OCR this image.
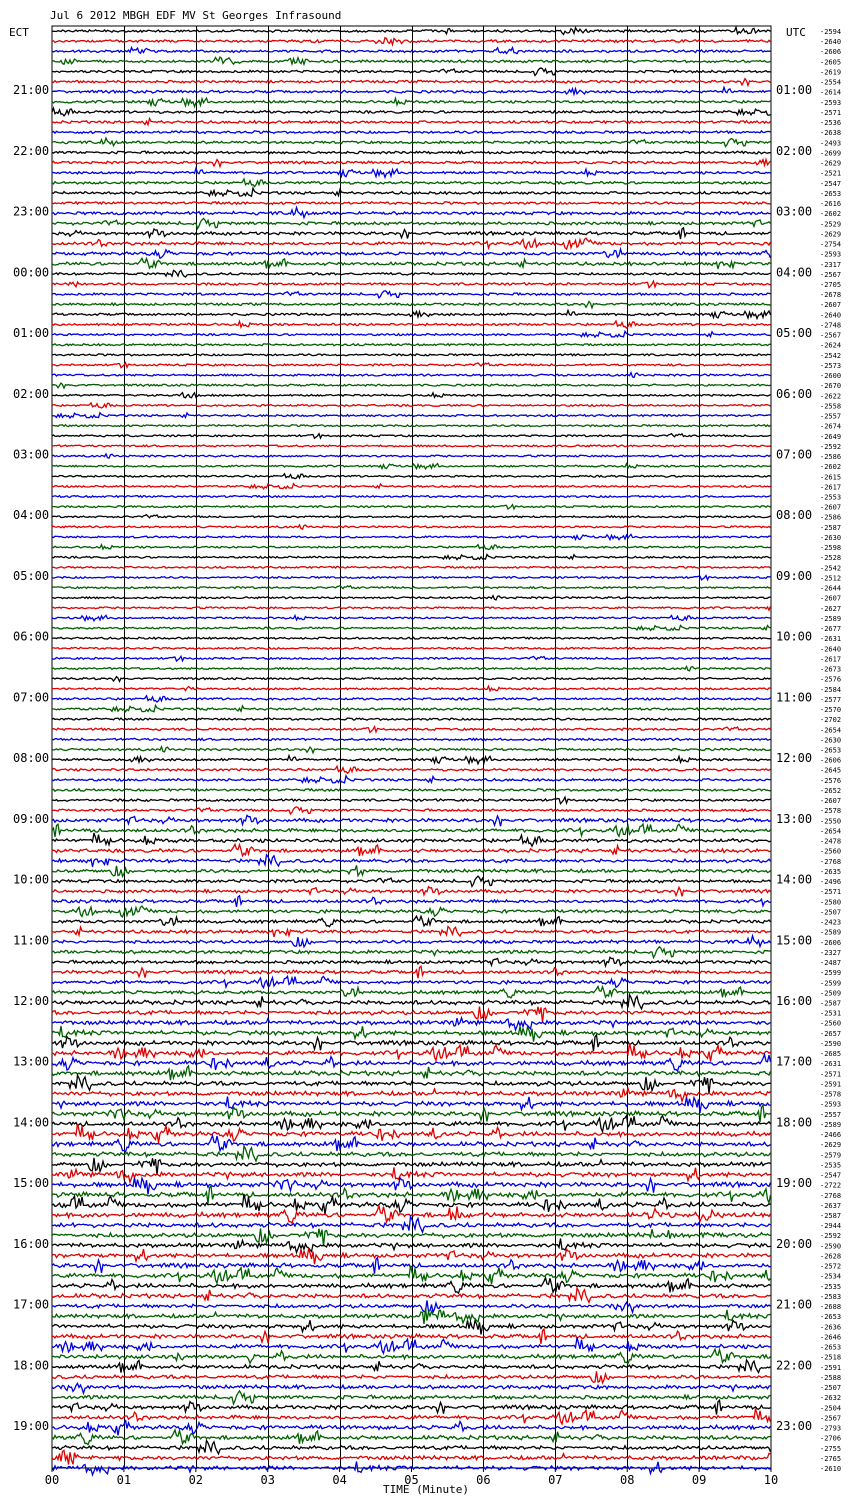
Jul 6 2012 MBGH EDF MV St Georges Infrasound
ECT	UTC -2594
-2640
-2606
-2605
-2619
-2554
-2614
-2593
-2571
-2536
-2638
-2493
-2699
-2629
-2521
-2547
-2653
-2616
-2602
-2529
-2629
-2754
-2593
-2317
-2567
-2705
-2678
-2607
-2640
-2748
-2567
-2624
-2542
-2573
-2600
-2670
-2622
-2558
-2557
-2674
-2649
-2592
-2586
-2602
-2615
-2617
-2553
-2607
-2586
-2587
-2630
-2598
-2528
-2542
-2512
-2644
-2607
-2627
-2589
-2677
-2631
-2640
-2617
-2673
-2576
-2584
-2577
-2570
-2702
-2654
-2630
-2653
-2606
-2645
-2576
-2652
-2607
-2578
-2550
-2654
-2478
-2560
-2768
-2635
-2496
-2571
-2580
-2507
-2423
-2589
-2606
-2327
-2487
-2599
-2599
-2509
-2587
-2531
-2560
-2657
-2590
-2685
-2631
-2571
-2591
-2578
-2593
-2557
-2589
-2466
-2629
-2579
-2535
-2547
-2722
-2768
-2637
-2587
-2944
-2592
-2590
-2628
-2572
-2534
-2535
-2583
-2688
-2653
-2636
-2646
-2653
-2518
-2591
-2588
-2507
-2632
-2504
-2567
-2793
-2706
-2755
-2765
-2610
21:00
22:00
23:00
00:00
01:00
02:00
03:00
04:00
05:00
06:00
07:00
08:00
09:00
10:00
11:00
12:00
13:00
14:00
15:00
16:00
17:00
18:00
19:00
01:00
02:00
03:00
04:00
05:00
06:00
07:00
08:00
09:00
10:00
11:00
12:00
13:00
14:00
15:00
16:00
17:00
18:00
19:00
20:00
21:00
22:00
23:00
00	01	02	03	04	05	06	07	08	09	10
TIME (Minute)
